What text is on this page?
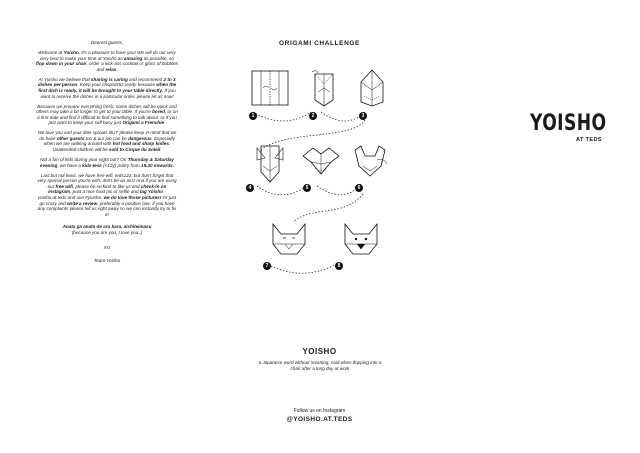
Dearest guests,

Welcome at Yoisho, it's a pleasure to have you! We will do our very very best to make your time at Yoisho as amazing as possible, so flop down in your chair, order a kick-ass cocktail or glass of bubbles and relax.

At Yoisho we believe that sharing is caring and recommend 2 to 3 dishes per person. Keep your chopsticks ready because when the first dish is ready, it will be brought to your table directly. If you want to receive the dishes in a particular order, please let us now!

Because we prepare everything fresh, some dishes will be quick and others may take a bit longer to get to your table. If you're bored, or on a first date and find it difficult to find something to talk about, or if you just want to keep your self busy just Origami a Frenchie.

We love you and your little sprouts BUT please keep in mind that we do have other guests too & our job can be dangerous. Especially when we are walking around with hot food and sharp knifes. Unattended children will be sold to Cirque du Soleil.

Not a fan of kids during your night out? On Thursday & Saturday evening, we have a kids-less (<12y) policy from 19.30 onwards.

Last but not least, we have free wifi, teds123, but don't forget that very special person you're with, don't be an ass! And if you are using our free wifi, please be so kind to like us and check-in on instagram, post a nice food pic or selfie and tag Yoisho - yoisho.at.teds and use #yoisho, we do love those pictures! Or just go crazy and write a review, preferably a positive one, if you have any complaints please tell us right away so we can instantly try to fix it!

Anata ga anata de aru kara, aishiteimasu
(because you are you, I love you..)

XO

Team Yoisho

ORIGAMI CHALLENGE
1	2	3
4	5	6
7	8
YOISHO
a Japanese word without meaning, said when flopping into a chair after a long day at work
Follow us on Instagram
@YOISHO.AT.TEDS
YOISHO
AT TEDS
